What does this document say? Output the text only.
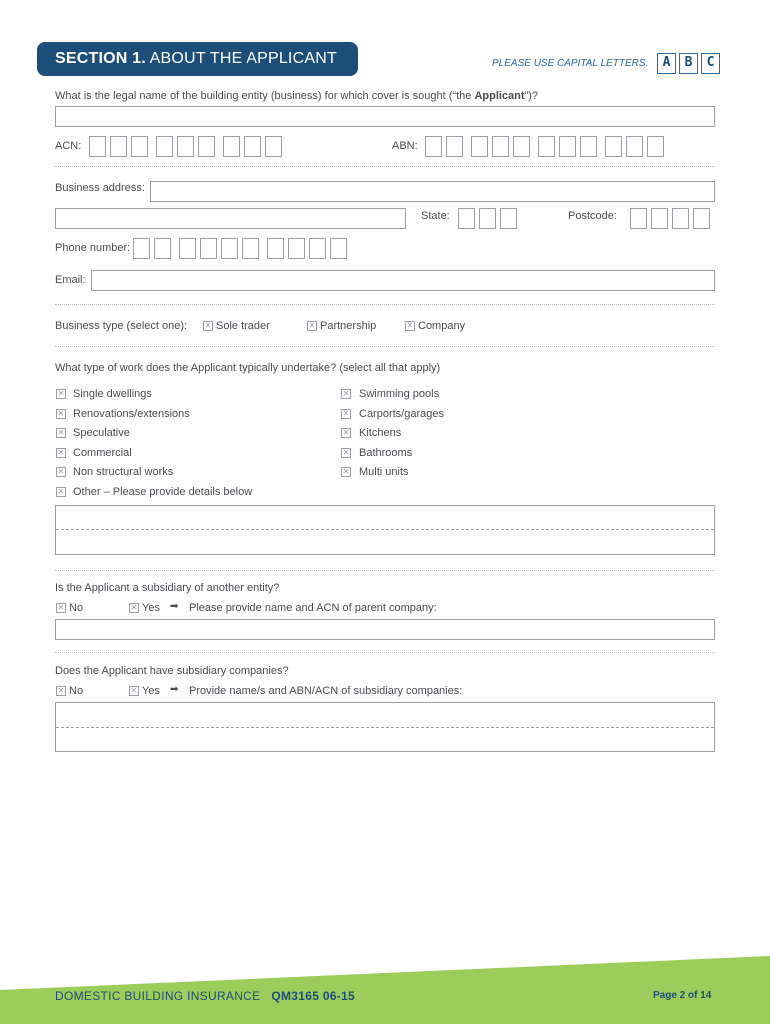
SECTION 1. ABOUT THE APPLICANT	PLEASE USE CAPITAL LETTERS.	A	B	C
What is the legal name of the building entity (business) for which cover is sought (“the Applicant”)?
ACN:	ABN:
Business address:
State:	Postcode:
Phone number:
Email:
Business type (select one): ✕ Sole trader	✕ Partnership	✕ Company
What type of work does the Applicant typically undertake? (select all that apply)
✕ Single dwellings
✕ Renovations/extensions
✕ Speculative
✕ Commercial
✕ Non structural works
✕ Other – Please provide details below
✕ Swimming pools
✕ Carports/garages
✕ Kitchens
✕ Bathrooms
✕ Multi units
Is the Applicant a subsidiary of another entity?
✕ No	✕ Yes ➡ Please provide name and ACN of parent company:
Does the Applicant have subsidiary companies?
✕ No	✕ Yes ➡ Provide name/s and ABN/ACN of subsidiary companies:
DOMESTIC BUILDING INSURANCE QM3165 06-15	Page 2 of 14
